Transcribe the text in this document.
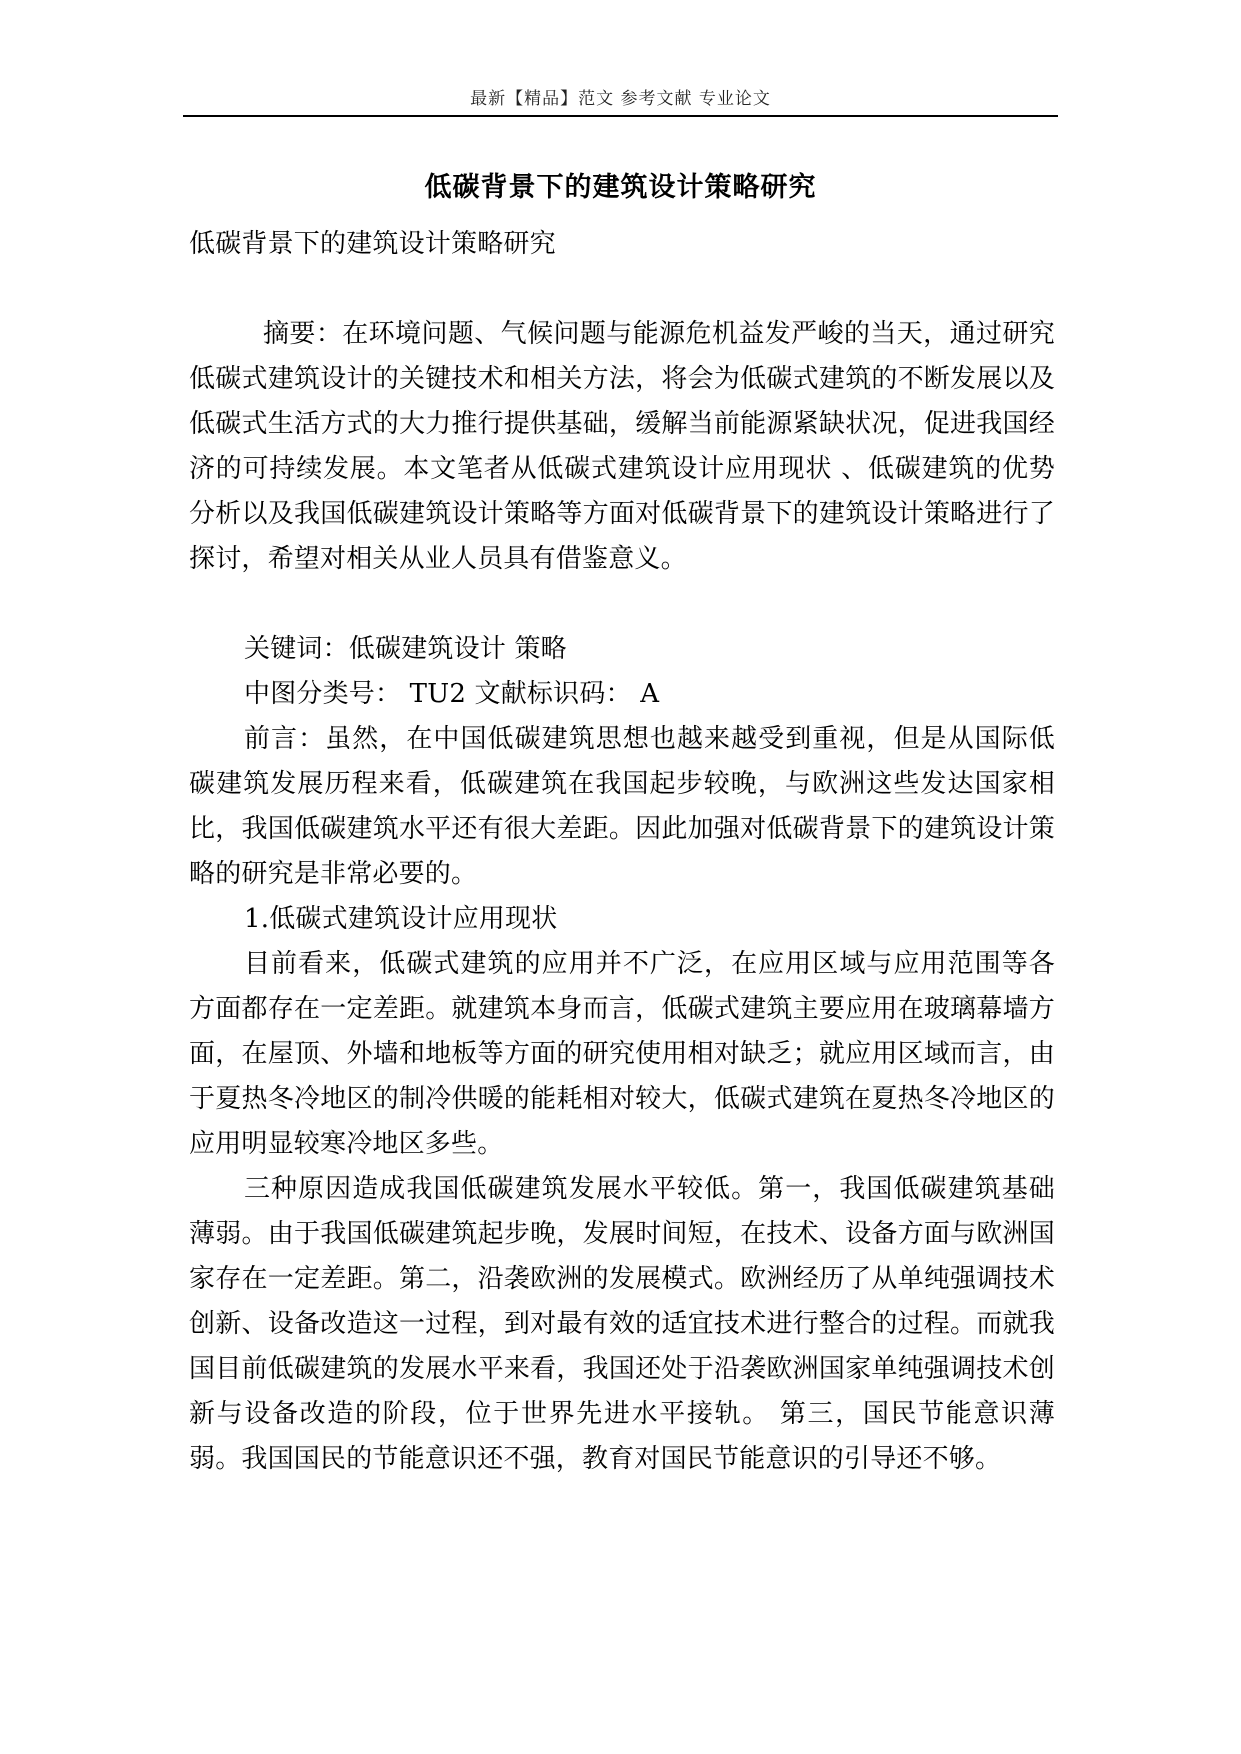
最新【精品】范文 参考文献 专业论文
低碳背景下的建筑设计策略研究

低碳背景下的建筑设计策略研究

摘要：在环境问题、气候问题与能源危机益发严峻的当天，通过研究低碳式建筑设计的关键技术和相关方法，将会为低碳式建筑的不断发展以及低碳式生活方式的大力推行提供基础，缓解当前能源紧缺状况，促进我国经济的可持续发展。本文笔者从低碳式建筑设计应用现状 、低碳建筑的优势分析以及我国低碳建筑设计策略等方面对低碳背景下的建筑设计策略进行了探讨，希望对相关从业人员具有借鉴意义。

关键词：低碳建筑设计 策略

中图分类号： TU2 文献标识码： A

前言：虽然，在中国低碳建筑思想也越来越受到重视，但是从国际低碳建筑发展历程来看，低碳建筑在我国起步较晚，与欧洲这些发达国家相比，我国低碳建筑水平还有很大差距。因此加强对低碳背景下的建筑设计策略的研究是非常必要的。

1.低碳式建筑设计应用现状

目前看来，低碳式建筑的应用并不广泛，在应用区域与应用范围等各方面都存在一定差距。就建筑本身而言，低碳式建筑主要应用在玻璃幕墙方面，在屋顶、外墙和地板等方面的研究使用相对缺乏；就应用区域而言，由于夏热冬冷地区的制冷供暖的能耗相对较大，低碳式建筑在夏热冬冷地区的应用明显较寒冷地区多些。

三种原因造成我国低碳建筑发展水平较低。第一，我国低碳建筑基础薄弱。由于我国低碳建筑起步晚，发展时间短，在技术、设备方面与欧洲国家存在一定差距。第二，沿袭欧洲的发展模式。欧洲经历了从单纯强调技术创新、设备改造这一过程，到对最有效的适宜技术进行整合的过程。而就我国目前低碳建筑的发展水平来看，我国还处于沿袭欧洲国家单纯强调技术创新与设备改造的阶段，位于世界先进水平接轨。 第三，国民节能意识薄弱。我国国民的节能意识还不强，教育对国民节能意识的引导还不够。
